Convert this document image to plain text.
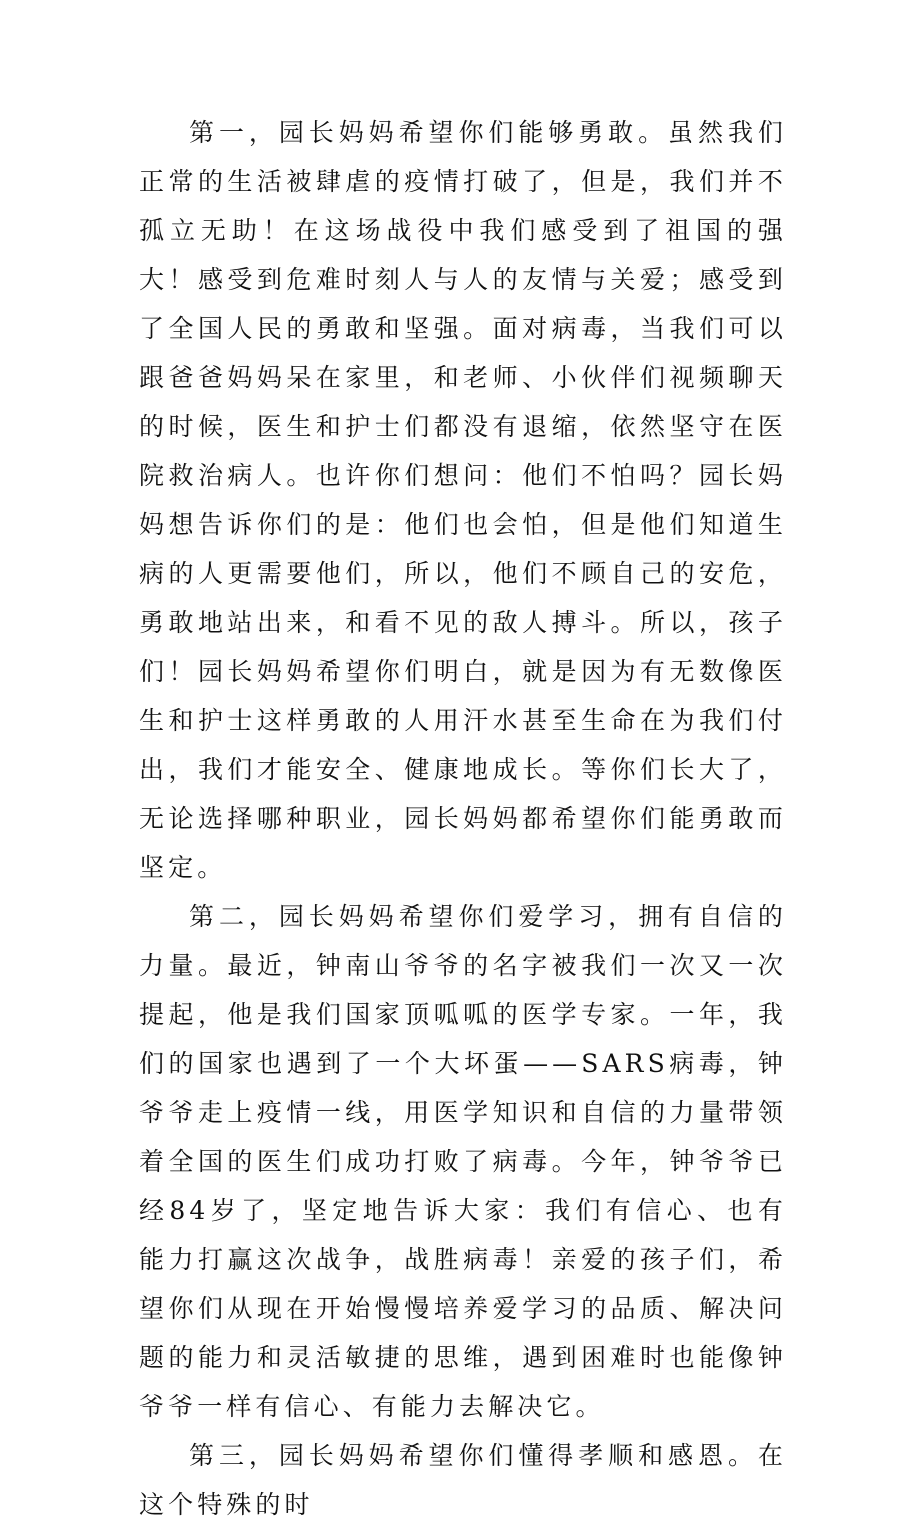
第一，园长妈妈希望你们能够勇敢。虽然我们正常的生活被肆虐的疫情打破了，但是，我们并不孤立无助！在这场战役中我们感受到了祖国的强大！感受到危难时刻人与人的友情与关爱；感受到了全国人民的勇敢和坚强。面对病毒，当我们可以跟爸爸妈妈呆在家里，和老师、小伙伴们视频聊天的时候，医生和护士们都没有退缩，依然坚守在医院救治病人。也许你们想问：他们不怕吗？园长妈妈想告诉你们的是：他们也会怕，但是他们知道生病的人更需要他们，所以，他们不顾自己的安危，勇敢地站出来，和看不见的敌人搏斗。所以，孩子们！园长妈妈希望你们明白，就是因为有无数像医生和护士这样勇敢的人用汗水甚至生命在为我们付出，我们才能安全、健康地成长。等你们长大了，无论选择哪种职业，园长妈妈都希望你们能勇敢而坚定。

第二，园长妈妈希望你们爱学习，拥有自信的力量。最近，钟南山爷爷的名字被我们一次又一次提起，他是我们国家顶呱呱的医学专家。一年，我们的国家也遇到了一个大坏蛋——SARS病毒，钟爷爷走上疫情一线，用医学知识和自信的力量带领着全国的医生们成功打败了病毒。今年，钟爷爷已经84岁了，坚定地告诉大家：我们有信心、也有能力打赢这次战争，战胜病毒！亲爱的孩子们，希望你们从现在开始慢慢培养爱学习的品质、解决问题的能力和灵活敏捷的思维，遇到困难时也能像钟爷爷一样有信心、有能力去解决它。

第三，园长妈妈希望你们懂得孝顺和感恩。在这个特殊的时
